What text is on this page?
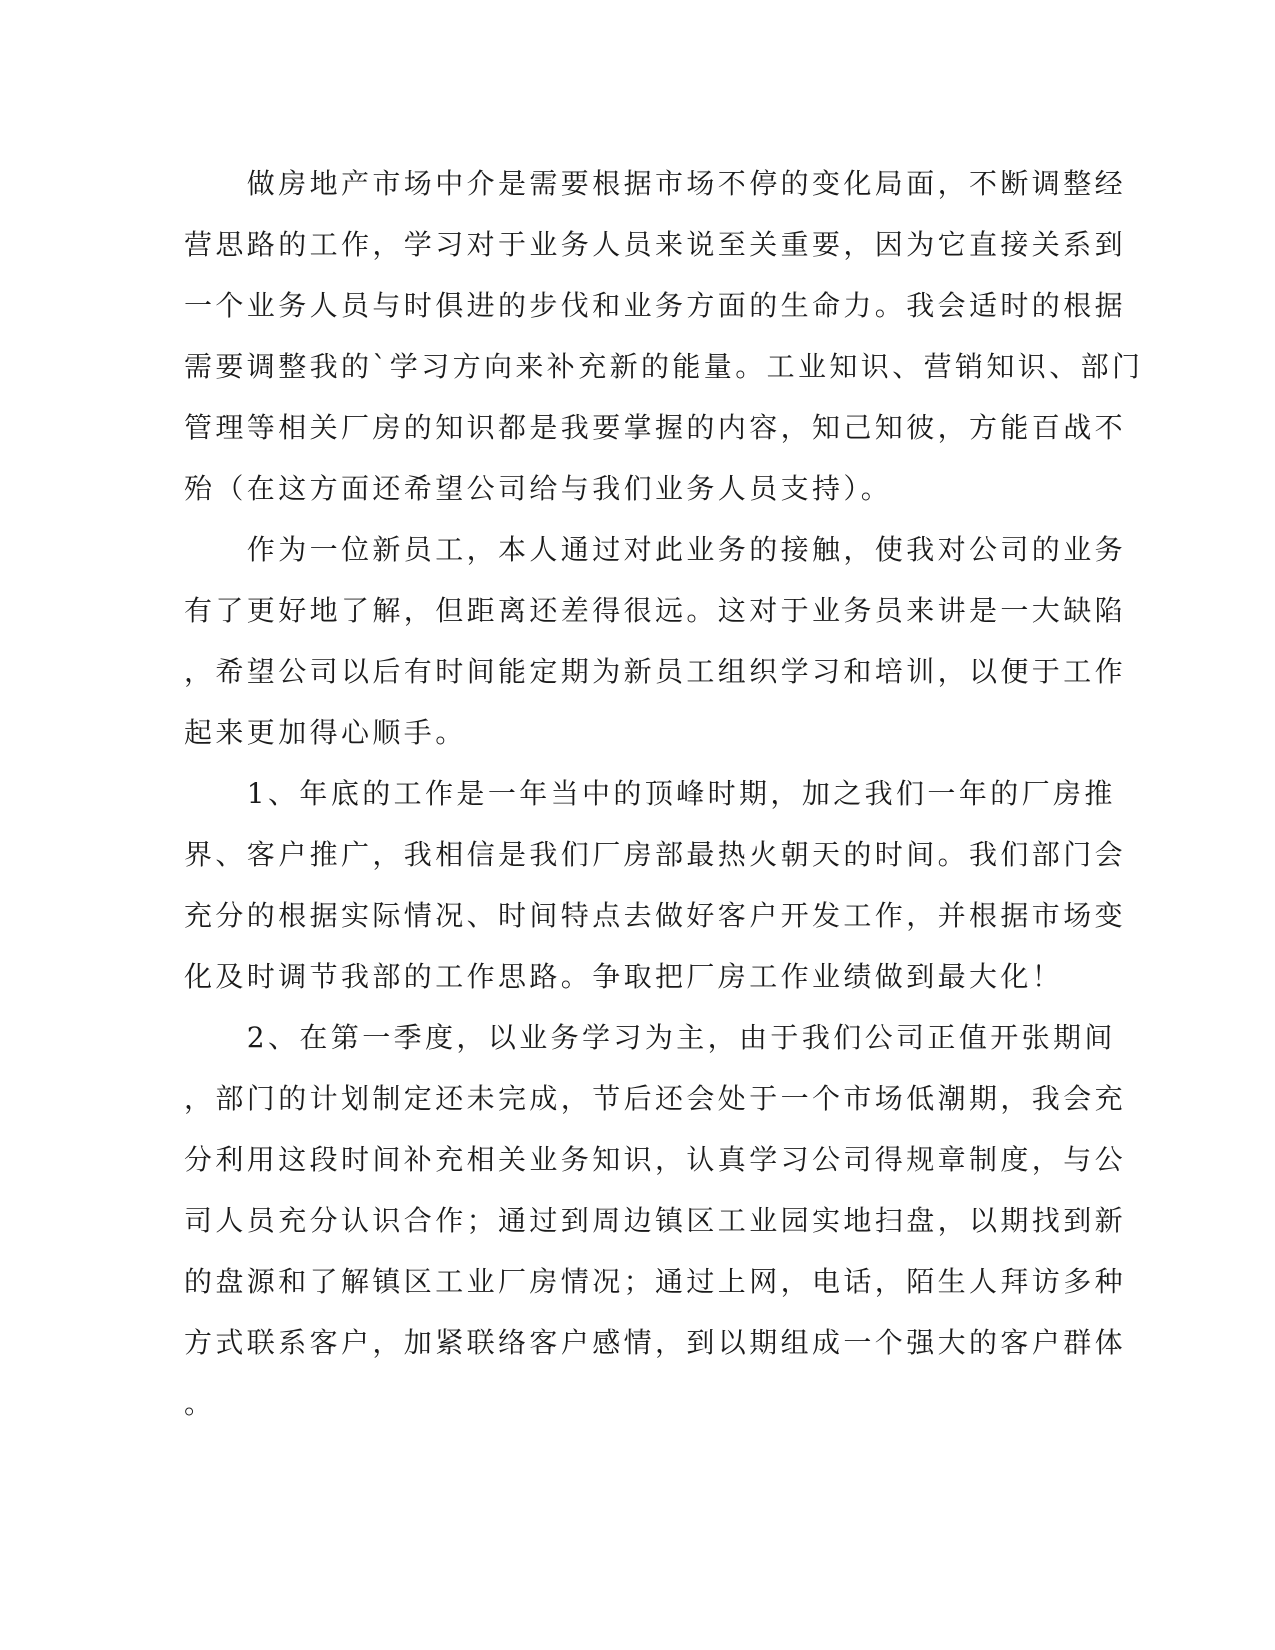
　　做房地产市场中介是需要根据市场不停的变化局面，不断调整经
营思路的工作，学习对于业务人员来说至关重要，因为它直接关系到
一个业务人员与时俱进的步伐和业务方面的生命力。我会适时的根据
需要调整我的`学习方向来补充新的能量。工业知识、营销知识、部门
管理等相关厂房的知识都是我要掌握的内容，知己知彼，方能百战不
殆（在这方面还希望公司给与我们业务人员支持）。
　　作为一位新员工，本人通过对此业务的接触，使我对公司的业务
有了更好地了解，但距离还差得很远。这对于业务员来讲是一大缺陷
，希望公司以后有时间能定期为新员工组织学习和培训，以便于工作
起来更加得心顺手。
　　1、年底的工作是一年当中的顶峰时期，加之我们一年的厂房推
界、客户推广，我相信是我们厂房部最热火朝天的时间。我们部门会
充分的根据实际情况、时间特点去做好客户开发工作，并根据市场变
化及时调节我部的工作思路。争取把厂房工作业绩做到最大化！
　　2、在第一季度，以业务学习为主，由于我们公司正值开张期间
，部门的计划制定还未完成，节后还会处于一个市场低潮期，我会充
分利用这段时间补充相关业务知识，认真学习公司得规章制度，与公
司人员充分认识合作；通过到周边镇区工业园实地扫盘，以期找到新
的盘源和了解镇区工业厂房情况；通过上网，电话，陌生人拜访多种
方式联系客户，加紧联络客户感情，到以期组成一个强大的客户群体
。
